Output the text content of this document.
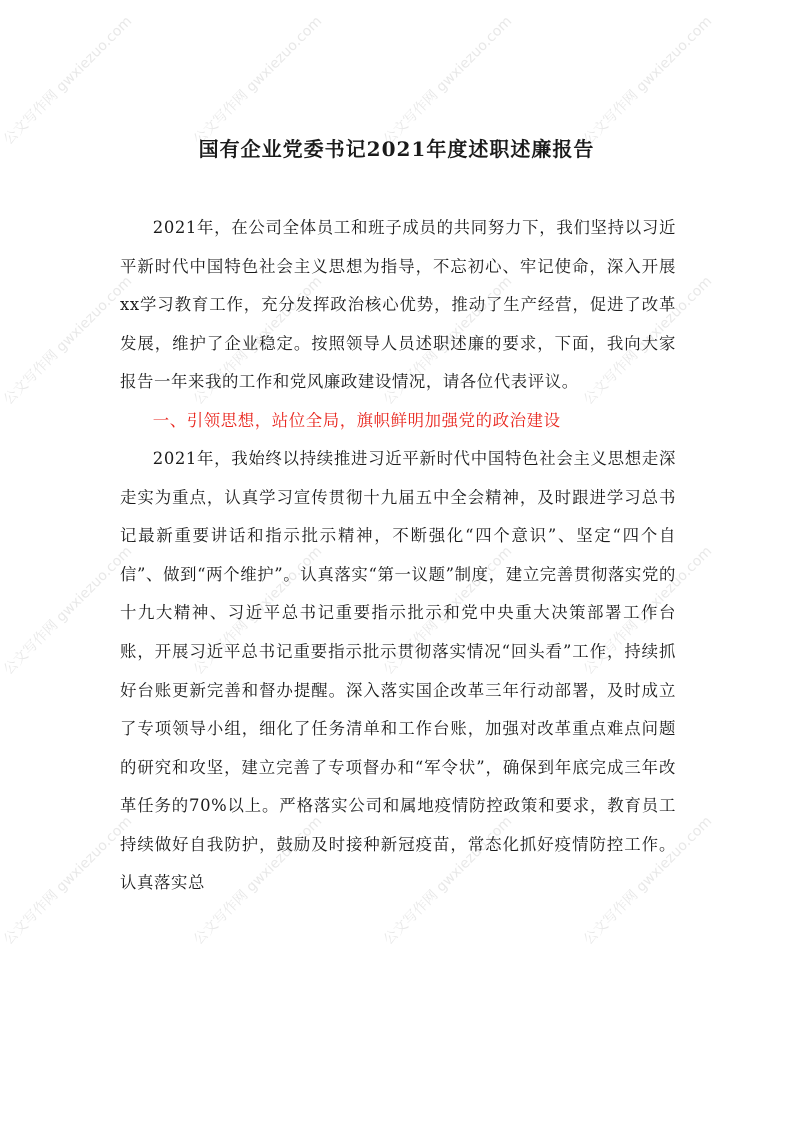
公文写作网 gwxiezuo.com	公文写作网 gwxiezuo.com	公文写作网 gwxiezuo.com	公文写作网 gwxiezuo.com
公文写作网 gwxiezuo.com	公文写作网 gwxiezuo.com	公文写作网 gwxiezuo.com	公文写作网 gwxiezuo.com
公文写作网 gwxiezuo.com	公文写作网 gwxiezuo.com	公文写作网 gwxiezuo.com	公文写作网 gwxiezuo.com
公文写作网 gwxiezuo.com	公文写作网 gwxiezuo.com	公文写作网 gwxiezuo.com	公文写作网 gwxiezuo.com
国有企业党委书记2021年度述职述廉报告

2021年，在公司全体员工和班子成员的共同努力下，我们坚持以习近平新时代中国特色社会主义思想为指导，不忘初心、牢记使命，深入开展xx学习教育工作，充分发挥政治核心优势，推动了生产经营，促进了改革发展，维护了企业稳定。按照领导人员述职述廉的要求，下面，我向大家报告一年来我的工作和党风廉政建设情况，请各位代表评议。

一、引领思想，站位全局，旗帜鲜明加强党的政治建设

2021年，我始终以持续推进习近平新时代中国特色社会主义思想走深走实为重点，认真学习宣传贯彻十九届五中全会精神，及时跟进学习总书记最新重要讲话和指示批示精神，不断强化“四个意识”、坚定“四个自信”、做到“两个维护”。认真落实“第一议题”制度，建立完善贯彻落实党的十九大精神、习近平总书记重要指示批示和党中央重大决策部署工作台账，开展习近平总书记重要指示批示贯彻落实情况“回头看”工作，持续抓好台账更新完善和督办提醒。深入落实国企改革三年行动部署，及时成立了专项领导小组，细化了任务清单和工作台账，加强对改革重点难点问题的研究和攻坚，建立完善了专项督办和“军令状”，确保到年底完成三年改革任务的70%以上。严格落实公司和属地疫情防控政策和要求，教育员工持续做好自我防护，鼓励及时接种新冠疫苗，常态化抓好疫情防控工作。认真落实总
